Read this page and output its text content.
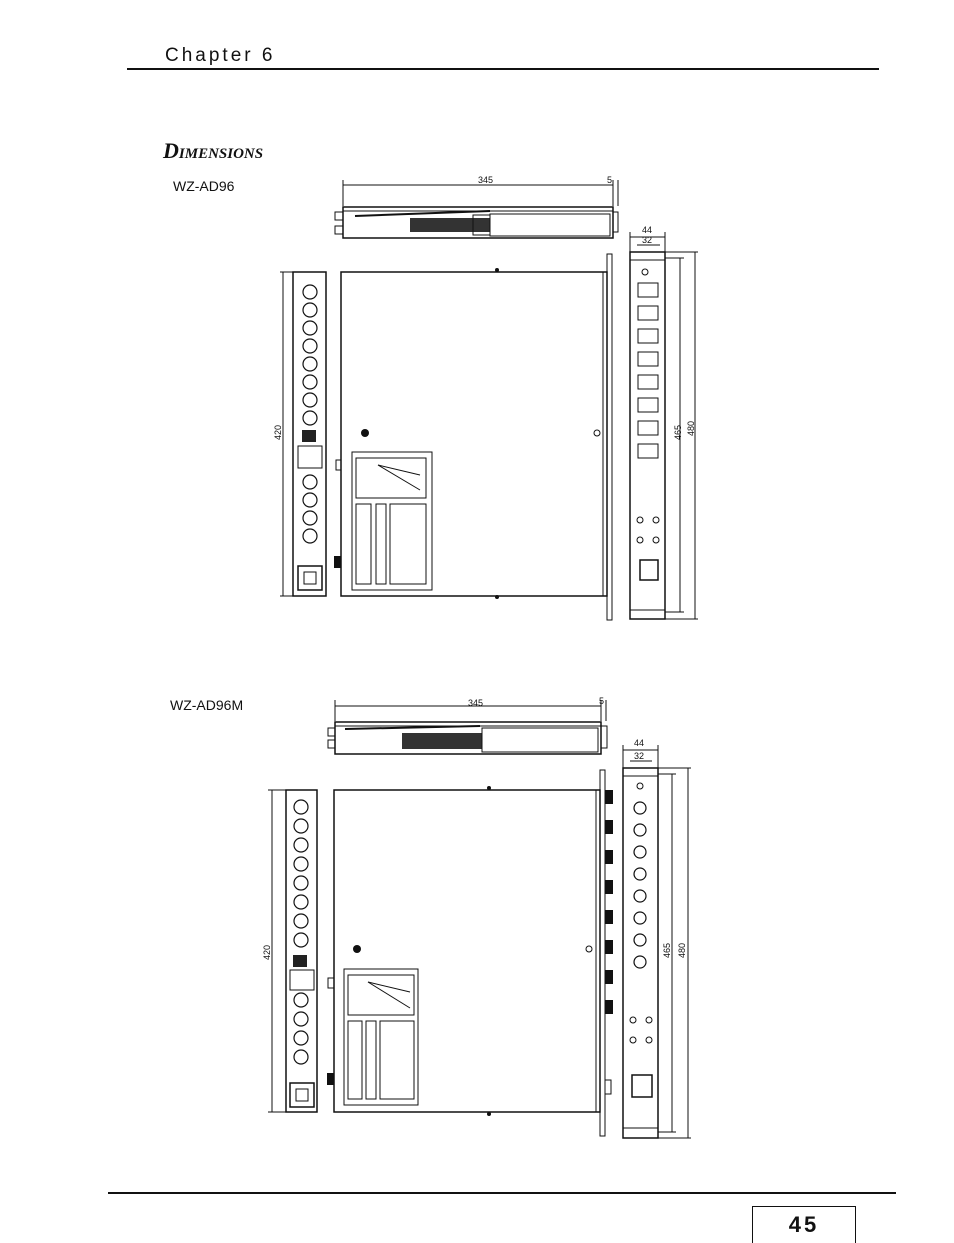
Chapter 6
DIMENSIONS
WZ-AD96
WZ-AD96M
345	5
44
32
420	465 480
345	5
44
32
420	465 480
45
